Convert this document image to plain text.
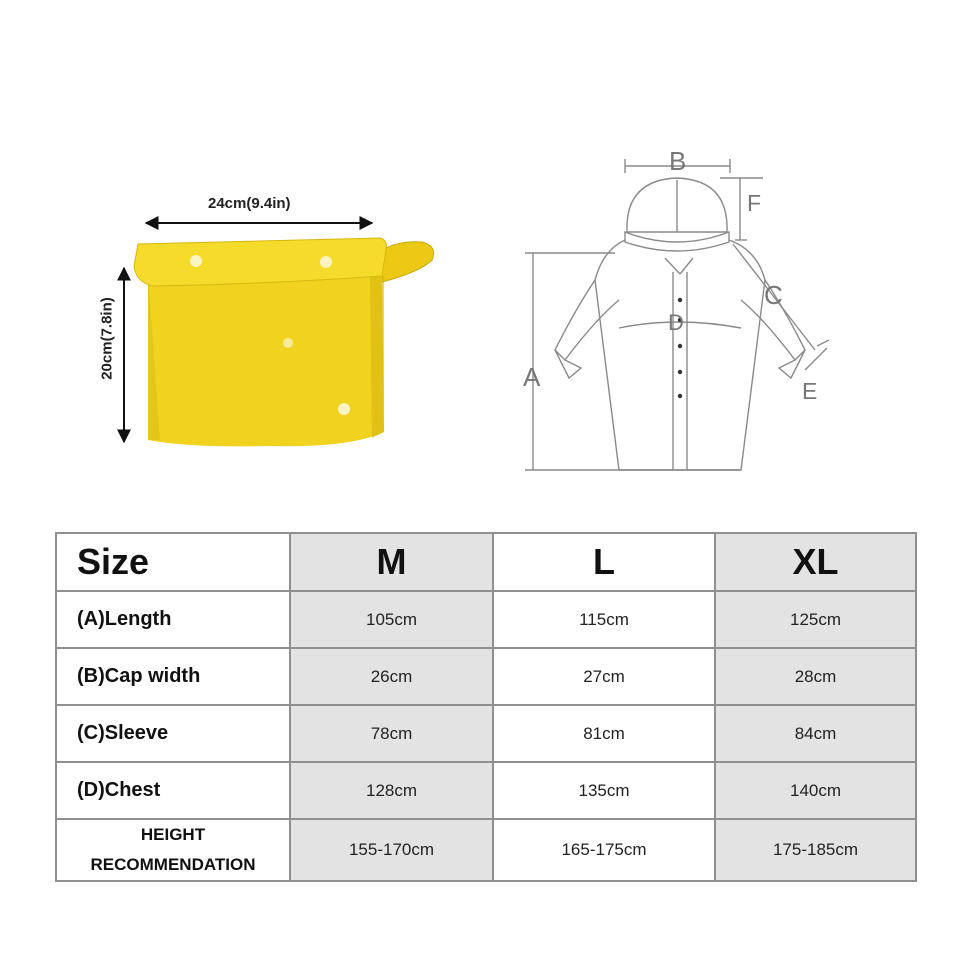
24cm(9.4in)
20cm(7.8in)	A
B
C
D
E
F
Size	M	L	XL
(A)Length	105cm	115cm	125cm
(B)Cap width	26cm	27cm	28cm
(C)Sleeve	78cm	81cm	84cm
(D)Chest	128cm	135cm	140cm

HEIGHT
RECOMMENDATION	155-170cm	165-175cm	175-185cm
